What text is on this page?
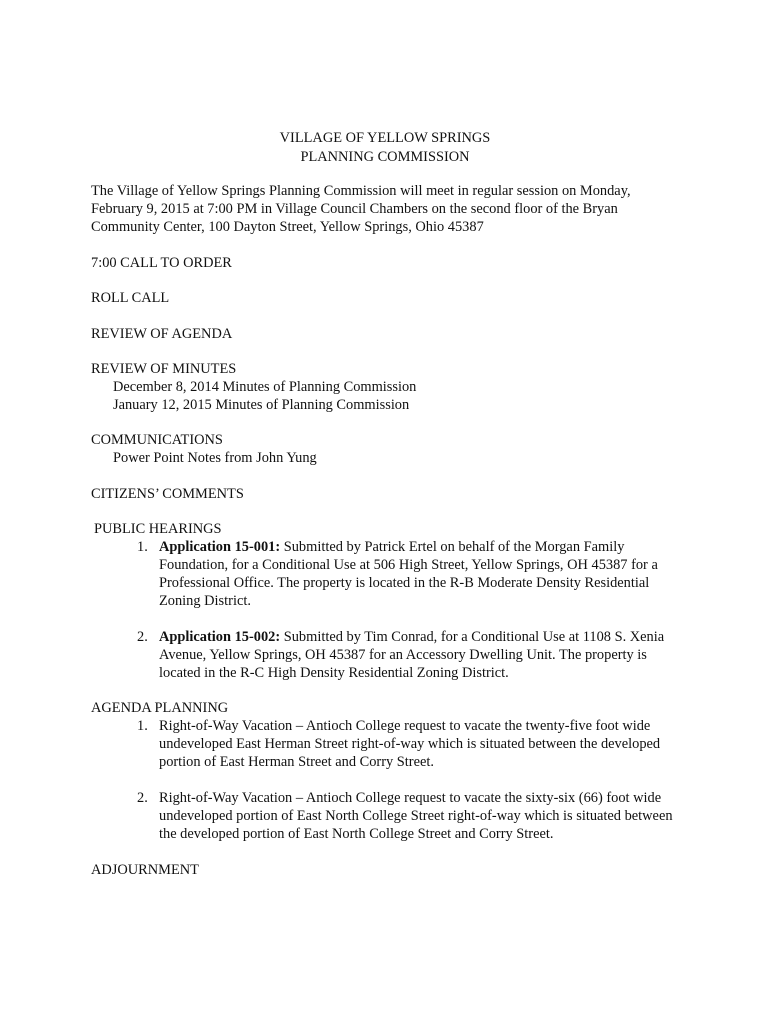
VILLAGE OF YELLOW SPRINGS
PLANNING COMMISSION
The Village of Yellow Springs Planning Commission will meet in regular session on Monday, February 9, 2015 at 7:00 PM in Village Council Chambers on the second floor of the Bryan Community Center, 100 Dayton Street, Yellow Springs, Ohio 45387
7:00 CALL TO ORDER
ROLL CALL
REVIEW OF AGENDA
REVIEW OF MINUTES
December 8, 2014 Minutes of Planning Commission
January 12, 2015 Minutes of Planning Commission
COMMUNICATIONS
Power Point Notes from John Yung
CITIZENS’ COMMENTS
PUBLIC HEARINGS
1. Application 15-001: Submitted by Patrick Ertel on behalf of the Morgan Family Foundation, for a Conditional Use at 506 High Street, Yellow Springs, OH 45387 for a Professional Office. The property is located in the R-B Moderate Density Residential Zoning District.
2. Application 15-002: Submitted by Tim Conrad, for a Conditional Use at 1108 S. Xenia Avenue, Yellow Springs, OH 45387 for an Accessory Dwelling Unit. The property is located in the R-C High Density Residential Zoning District.
AGENDA PLANNING
1. Right-of-Way Vacation – Antioch College request to vacate the twenty-five foot wide undeveloped East Herman Street right-of-way which is situated between the developed portion of East Herman Street and Corry Street.
2. Right-of-Way Vacation – Antioch College request to vacate the sixty-six (66) foot wide undeveloped portion of East North College Street right-of-way which is situated between the developed portion of East North College Street and Corry Street.
ADJOURNMENT
